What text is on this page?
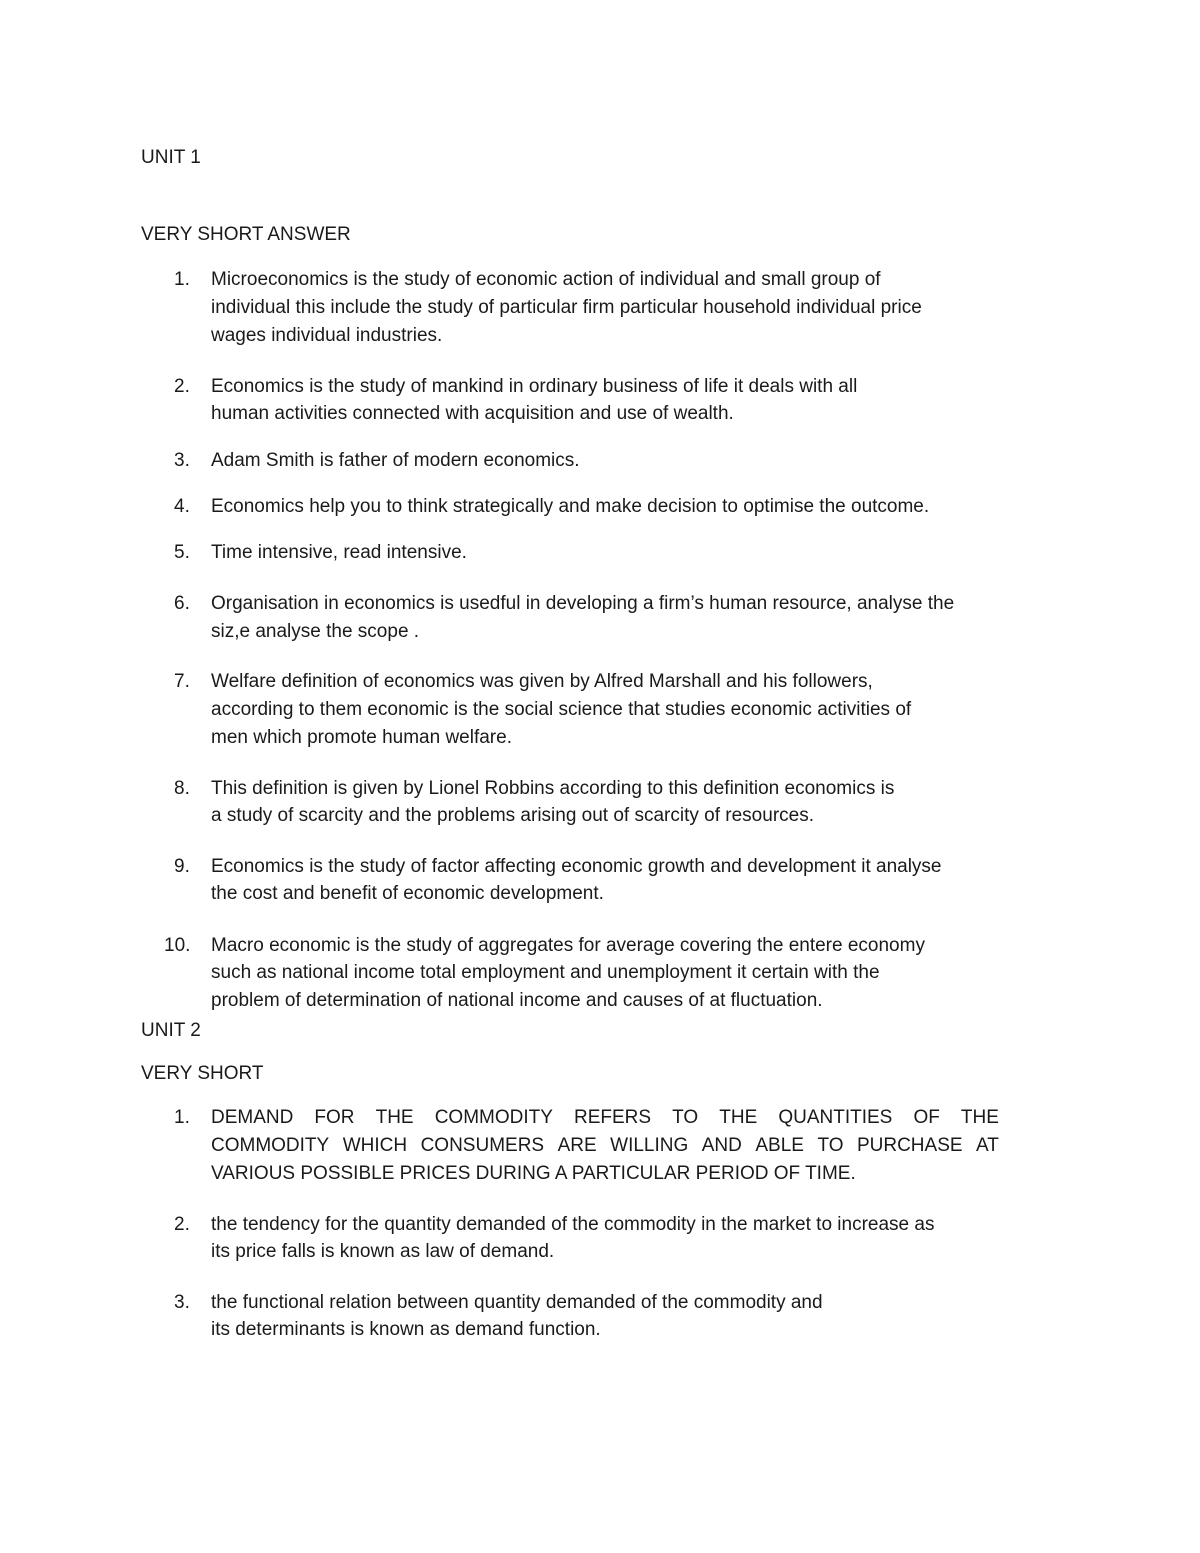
UNIT 1
VERY SHORT ANSWER
1. Microeconomics is the study of economic action of individual and small group of
individual this include the study of particular firm particular household individual price
wages individual industries.
2. Economics is the study of mankind in ordinary business of life it deals with all
human activities connected with acquisition and use of wealth.
3. Adam Smith is father of modern economics.
4. Economics help you to think strategically and make decision to optimise the outcome.
5. Time intensive, read intensive.
6. Organisation in economics is usedful in developing a firm’s human resource, analyse the
siz,e analyse the scope .
7. Welfare definition of economics was given by Alfred Marshall and his followers,
according to them economic is the social science that studies economic activities of
men which promote human welfare.
8. This definition is given by Lionel Robbins according to this definition economics is
a study of scarcity and the problems arising out of scarcity of resources.
9. Economics is the study of factor affecting economic growth and development it analyse
the cost and benefit of economic development.
10. Macro economic is the study of aggregates for average covering the entere economy
such as national income total employment and unemployment it certain with the
problem of determination of national income and causes of at fluctuation.
UNIT 2
VERY SHORT
1. DEMAND FOR THE COMMODITY REFERS TO THE QUANTITIES OF THE
COMMODITY WHICH CONSUMERS ARE WILLING AND ABLE TO PURCHASE AT
VARIOUS POSSIBLE PRICES DURING A PARTICULAR PERIOD OF TIME.
2. the tendency for the quantity demanded of the commodity in the market to increase as
its price falls is known as law of demand.
3. the functional relation between quantity demanded of the commodity and
its determinants is known as demand function.
